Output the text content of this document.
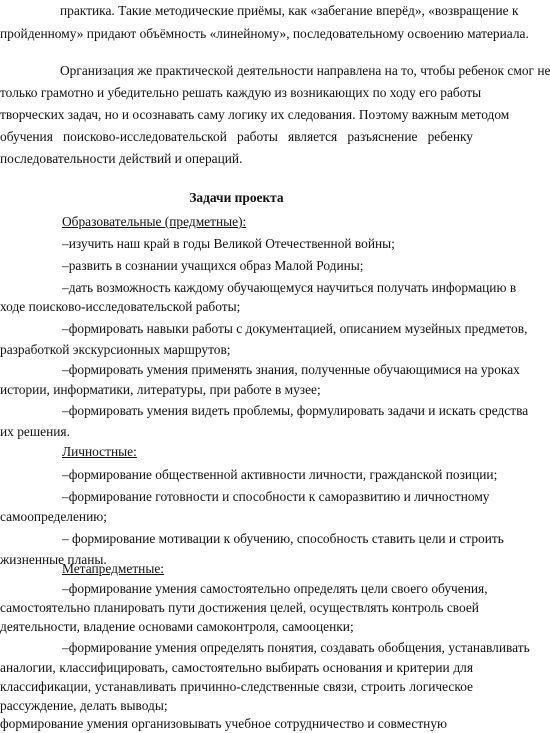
практика. Такие методические приёмы, как «забегание вперёд», «возвращение к
пройденному» придают объёмность «линейному», последовательному освоению материала.
Организация же практической деятельности направлена на то, чтобы ребенок смог не
только грамотно и убедительно решать каждую из возникающих по ходу его работы
творческих задач, но и осознавать саму логику их следования. Поэтому важным методом
обучения поисково-исследовательской работы является разъяснение ребенку
последовательности действий и операций.
Задачи проекта
Образовательные (предметные):
–изучить наш край в годы Великой Отечественной войны;
–развить в сознании учащихся образ Малой Родины;
–дать возможность каждому обучающемуся научиться получать информацию в
ходе поисково-исследовательской работы;
–формировать навыки работы с документацией, описанием музейных предметов,
разработкой экскурсионных маршрутов;
–формировать умения применять знания, полученные обучающимися на уроках
истории, информатики, литературы, при работе в музее;
–формировать умения видеть проблемы, формулировать задачи и искать средства
их решения.
Личностные:
–формирование общественной активности личности, гражданской позиции;
–формирование готовности и способности к саморазвитию и личностному
самоопределению;
– формирование мотивации к обучению, способность ставить цели и строить
жизненные планы.
Метапредметные:
–формирование умения самостоятельно определять цели своего обучения,
самостоятельно планировать пути достижения целей, осуществлять контроль своей
деятельности, владение основами самоконтроля, самооценки;
–формирование умения определять понятия, создавать обобщения, устанавливать
аналогии, классифицировать, самостоятельно выбирать основания и критерии для
классификации, устанавливать причинно-следственные связи, строить логическое
рассуждение, делать выводы;
формирование умения организовывать учебное сотрудничество и совместную
